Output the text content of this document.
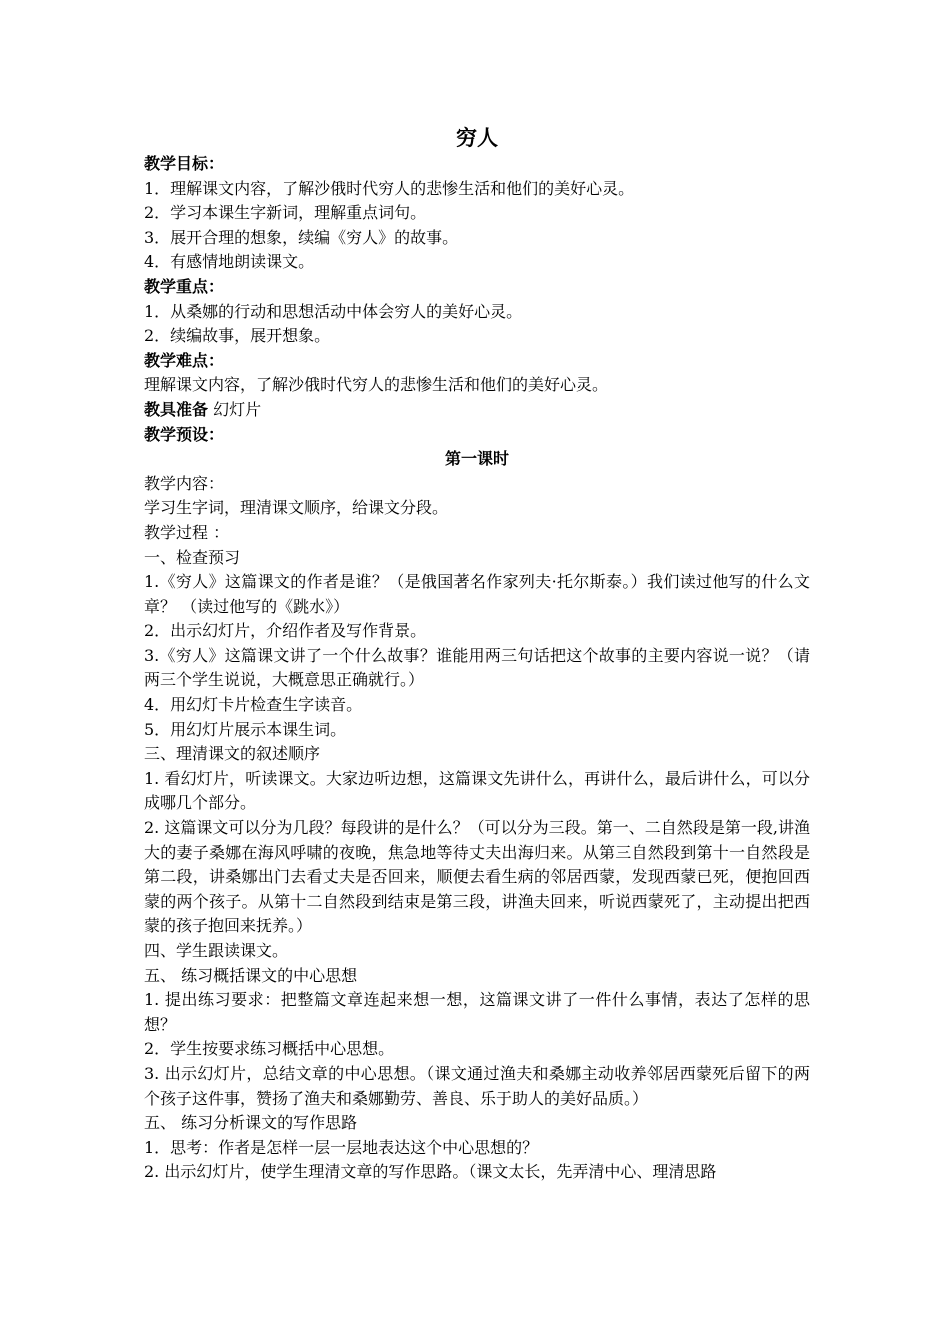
穷人
教学目标：
1．理解课文内容，了解沙俄时代穷人的悲惨生活和他们的美好心灵。
2．学习本课生字新词，理解重点词句。
3．展开合理的想象，续编《穷人》的故事。
4．有感情地朗读课文。
教学重点：
1．从桑娜的行动和思想活动中体会穷人的美好心灵。
2．续编故事，展开想象。
教学难点：
理解课文内容，了解沙俄时代穷人的悲惨生活和他们的美好心灵。
教具准备 幻灯片
教学预设：
第一课时
教学内容：
学习生字词，理清课文顺序，给课文分段。
教学过程 ：
一、检查预习
1.《穷人》这篇课文的作者是谁？（是俄国著名作家列夫·托尔斯泰。）我们读过他写的什么文章？ （读过他写的《跳水》）
2．出示幻灯片，介绍作者及写作背景。
3.《穷人》这篇课文讲了一个什么故事？谁能用两三句话把这个故事的主要内容说一说？（请两三个学生说说，大概意思正确就行。）
4．用幻灯卡片检查生字读音。
5．用幻灯片展示本课生词。
三、理清课文的叙述顺序
1. 看幻灯片，听读课文。大家边听边想，这篇课文先讲什么，再讲什么，最后讲什么，可以分成哪几个部分。
2. 这篇课文可以分为几段？每段讲的是什么？（可以分为三段。第一、二自然段是第一段,讲渔大的妻子桑娜在海风呼啸的夜晚，焦急地等待丈夫出海归来。从第三自然段到第十一自然段是第二段，讲桑娜出门去看丈夫是否回来，顺便去看生病的邻居西蒙，发现西蒙已死，便抱回西蒙的两个孩子。从第十二自然段到结束是第三段，讲渔夫回来，听说西蒙死了，主动提出把西蒙的孩子抱回来抚养。）
四、学生跟读课文。
五、 练习概括课文的中心思想
1. 提出练习要求：把整篇文章连起来想一想，这篇课文讲了一件什么事情，表达了怎样的思想？
2．学生按要求练习概括中心思想。
3. 出示幻灯片，总结文章的中心思想。（课文通过渔夫和桑娜主动收养邻居西蒙死后留下的两个孩子这件事，赞扬了渔夫和桑娜勤劳、善良、乐于助人的美好品质。）
五、 练习分析课文的写作思路
1．思考：作者是怎样一层一层地表达这个中心思想的？
2. 出示幻灯片，使学生理清文章的写作思路。（课文太长，先弄清中心、理清思路
